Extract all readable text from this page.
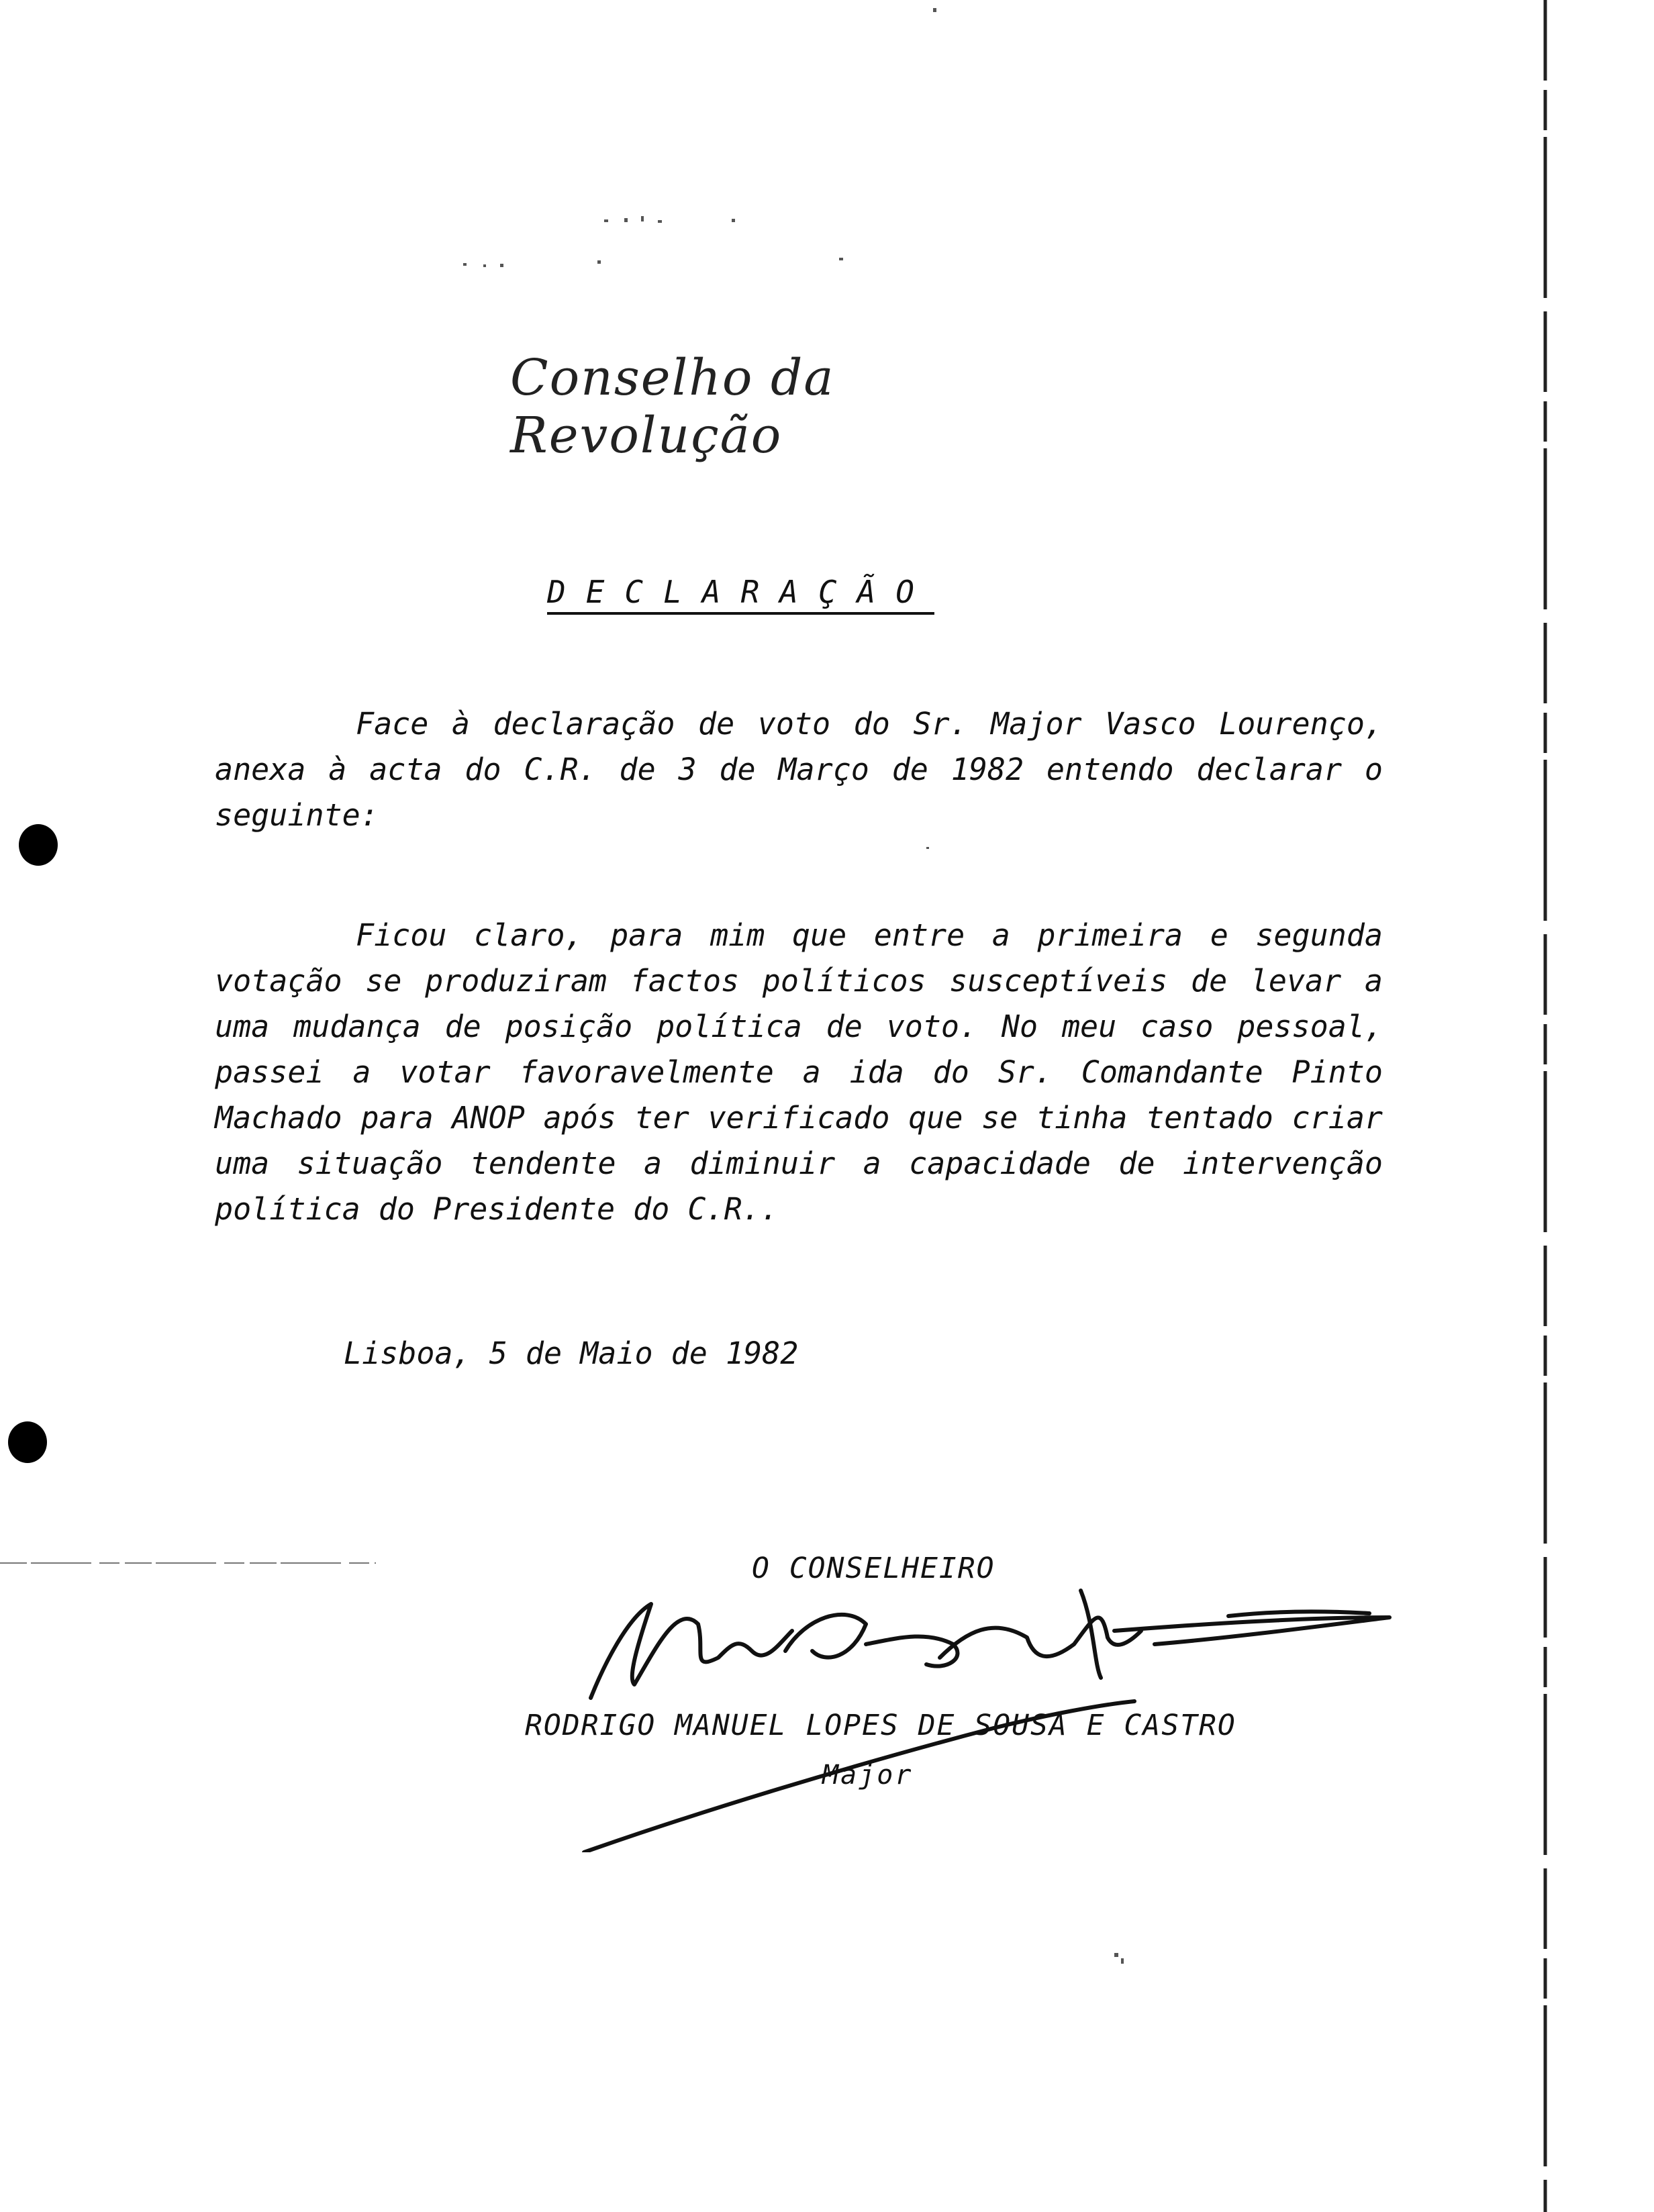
Conselho da Revolução
DECLARAÇÃO

Face à declaração de voto do Sr. Major Vasco Lourenço, anexa à acta do C.R. de 3 de Março de 1982 entendo declarar o seguinte:

Ficou claro, para mim que entre a primeira e segunda votação se produziram factos políticos susceptíveis de levar a uma mudança de posição política de voto. No meu caso pessoal, passei a votar favoravelmente a ida do Sr. Comandante Pinto Machado para ANOP após ter verificado que se tinha tentado criar uma situação tendente a diminuir a capacidade de intervenção política do Presidente do C.R..

Lisboa, 5 de Maio de 1982
O CONSELHEIRO
RODRIGO MANUEL LOPES DE SOUSA E CASTRO
Major
